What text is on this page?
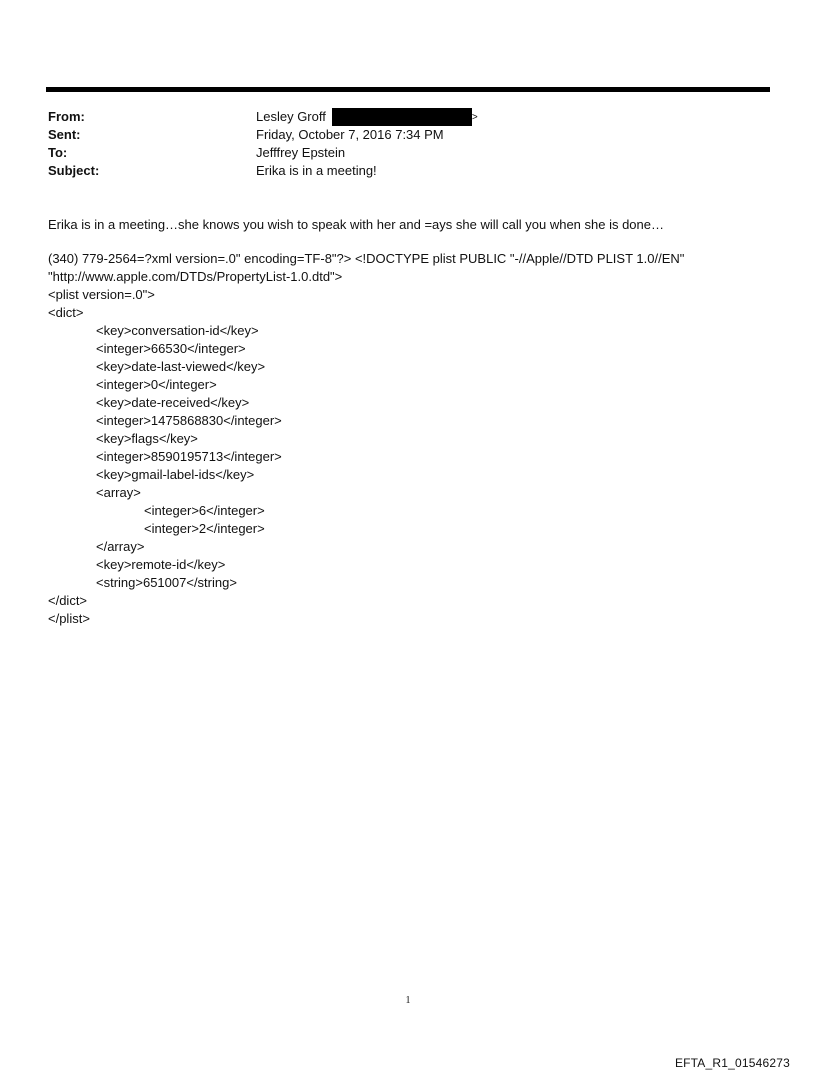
From:	Lesley Groff	>
Sent:	Friday, October 7, 2016 7:34 PM
To:	Jefffrey Epstein
Subject:	Erika is in a meeting!

Erika is in a meeting…she knows you wish to speak with her and =ays she will call you when she is done…

(340) 779-2564=?xml version=.0" encoding=TF-8"?> <!DOCTYPE plist PUBLIC "-//Apple//DTD PLIST 1.0//EN"

"http://www.apple.com/DTDs/PropertyList-1.0.dtd">

<plist version=.0">

<dict>

<key>conversation-id</key>

<integer>66530</integer>

<key>date-last-viewed</key>

<integer>0</integer>

<key>date-received</key>

<integer>1475868830</integer>

<key>flags</key>

<integer>8590195713</integer>

<key>gmail-label-ids</key>

<array>

<integer>6</integer>

<integer>2</integer>

</array>

<key>remote-id</key>

<string>651007</string>

</dict>

</plist>

1
EFTA_R1_01546273
